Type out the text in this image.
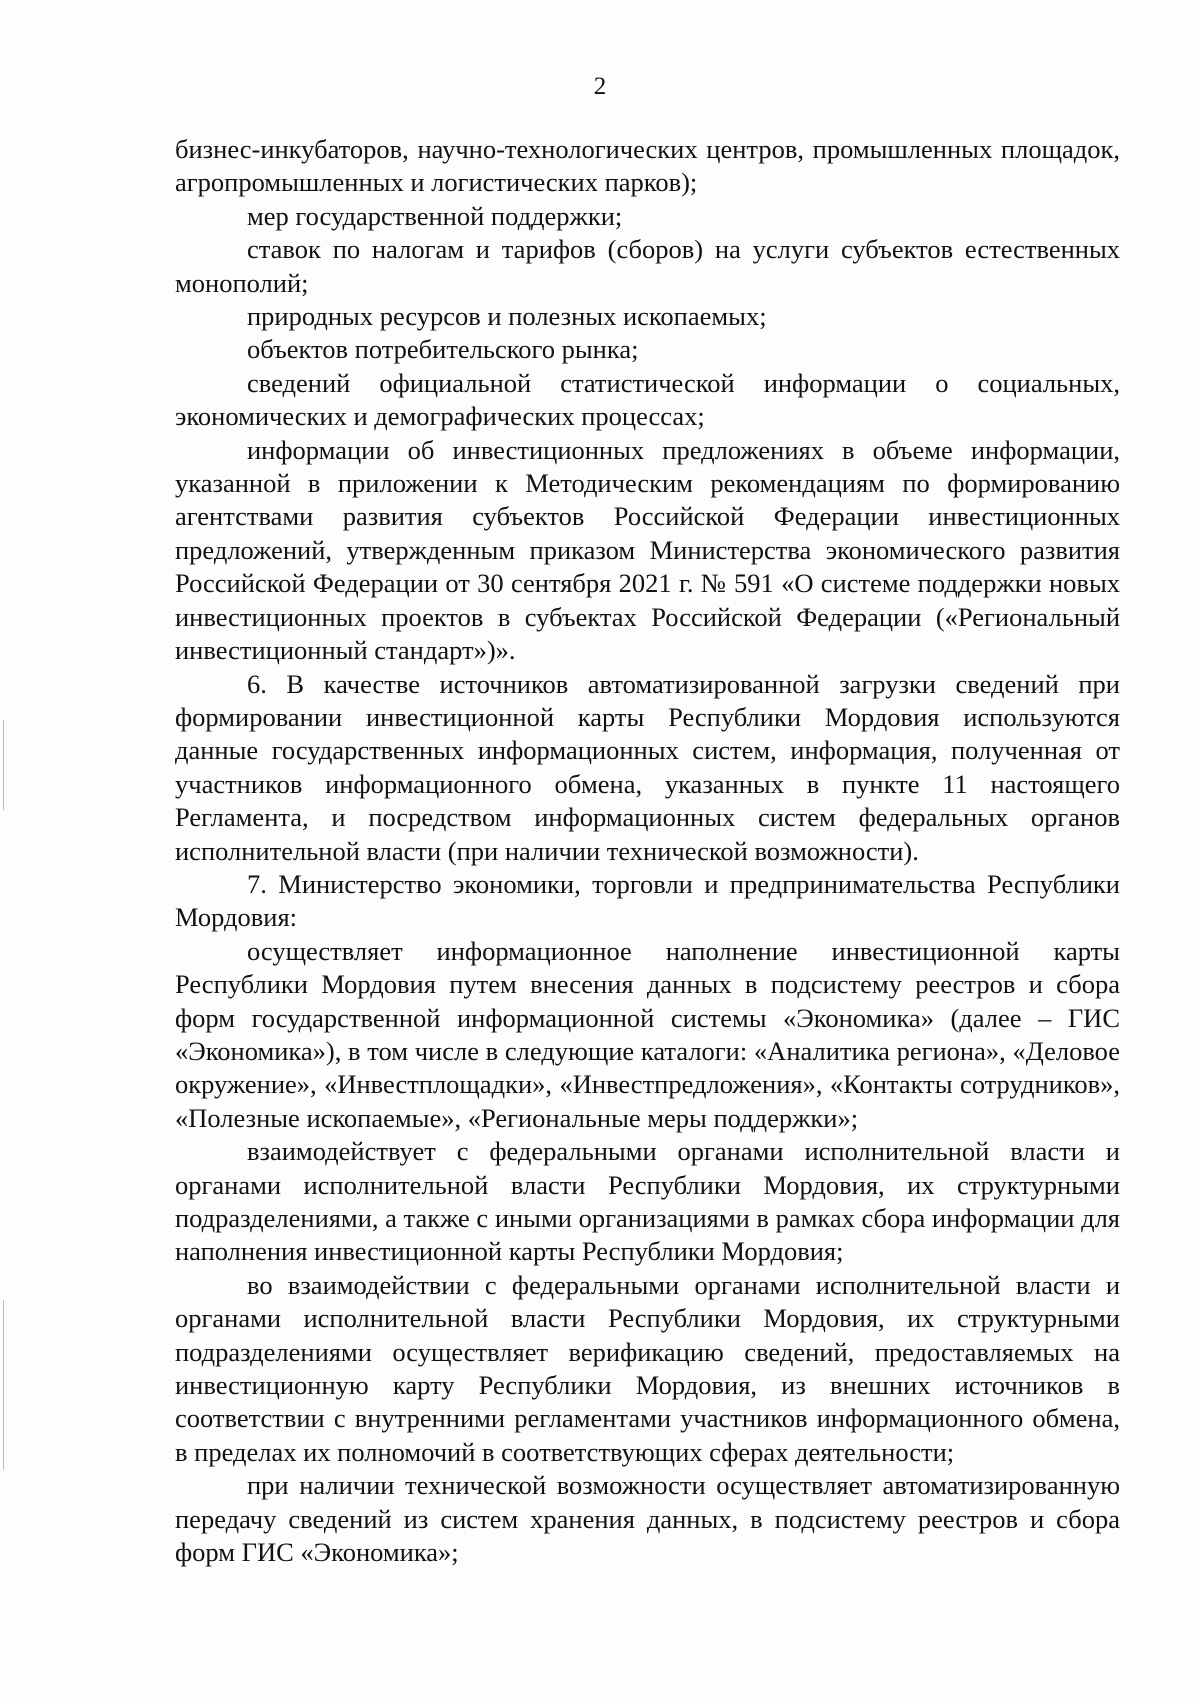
2

бизнес-инкубаторов, научно-технологических центров, промышленных площадок, агропромышленных и логистических парков);

мер государственной поддержки;

ставок по налогам и тарифов (сборов) на услуги субъектов естественных монополий;

природных ресурсов и полезных ископаемых;

объектов потребительского рынка;

сведений официальной статистической информации о социальных, экономических и демографических процессах;

информации об инвестиционных предложениях в объеме информации, указанной в приложении к Методическим рекомендациям по формированию агентствами развития субъектов Российской Федерации инвестиционных предложений, утвержденным приказом Министерства экономического развития Российской Федерации от 30 сентября 2021 г. № 591 «О системе поддержки новых инвестиционных проектов в субъектах Российской Федерации («Региональный инвестиционный стандарт»)».

6. В качестве источников автоматизированной загрузки сведений при формировании инвестиционной карты Республики Мордовия используются данные государственных информационных систем, информация, полученная от участников информационного обмена, указанных в пункте 11 настоящего Регламента, и посредством информационных систем федеральных органов исполнительной власти (при наличии технической возможности).

7. Министерство экономики, торговли и предпринимательства Республики Мордовия:

осуществляет информационное наполнение инвестиционной карты Республики Мордовия путем внесения данных в подсистему реестров и сбора форм государственной информационной системы «Экономика» (далее – ГИС «Экономика»), в том числе в следующие каталоги: «Аналитика региона», «Деловое окружение», «Инвестплощадки», «Инвестпредложения», «Контакты сотрудников», «Полезные ископаемые», «Региональные меры поддержки»;

взаимодействует с федеральными органами исполнительной власти и органами исполнительной власти Республики Мордовия, их структурными подразделениями, а также с иными организациями в рамках сбора информации для наполнения инвестиционной карты Республики Мордовия;

во взаимодействии с федеральными органами исполнительной власти и органами исполнительной власти Республики Мордовия, их структурными подразделениями осуществляет верификацию сведений, предоставляемых на инвестиционную карту Республики Мордовия, из внешних источников в соответствии с внутренними регламентами участников информационного обмена, в пределах их полномочий в соответствующих сферах деятельности;

при наличии технической возможности осуществляет автоматизированную передачу сведений из систем хранения данных, в подсистему реестров и сбора форм ГИС «Экономика»;
